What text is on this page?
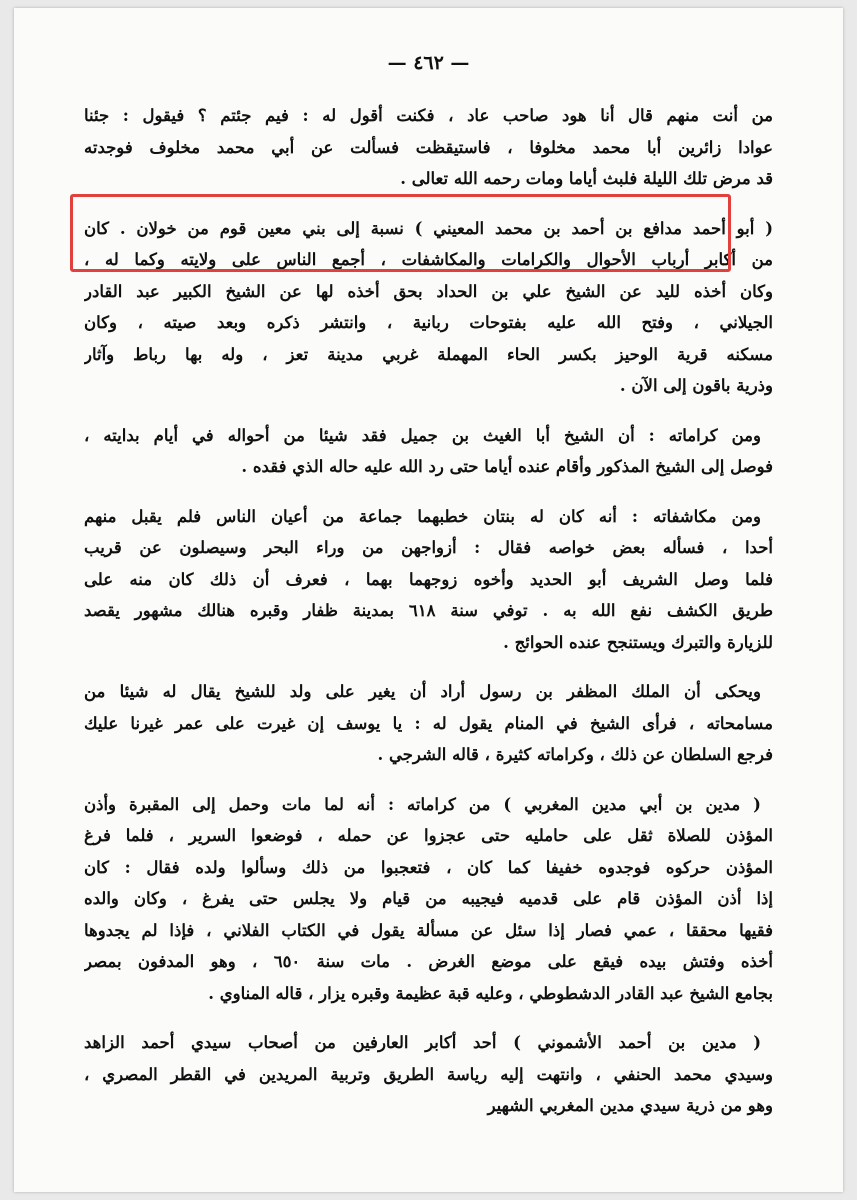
— ٤٦٢ —
من أنت منهم قال أنا هود صاحب عاد ، فكنت أقول له : فيم جئتم ؟ فيقول : جئنا
عوادا زائرين أبا محمد مخلوفا ، فاستيقظت فسألت عن أبي محمد مخلوف فوجدته
قد مرض تلك الليلة فلبث أياما ومات رحمه الله تعالى .
( أبو أحمد مدافع بن أحمد بن محمد المعيني ) نسبة إلى بني معين قوم من خولان . كان
من أكابر أرباب الأحوال والكرامات والمكاشفات ، أجمع الناس على ولايته وكما له ،
وكان أخذه لليد عن الشيخ علي بن الحداد بحق أخذه لها عن الشيخ الكبير عبد القادر
الجيلاني ، وفتح الله عليه بفتوحات ربانية ، وانتشر ذكره وبعد صيته ، وكان
مسكنه قرية الوحيز بكسر الحاء المهملة غربي مدينة تعز ، وله بها رباط وآثار
وذرية باقون إلى الآن .
ومن كراماته : أن الشيخ أبا الغيث بن جميل فقد شيئا من أحواله في أيام بدايته ،
فوصل إلى الشيخ المذكور وأقام عنده أياما حتى رد الله عليه حاله الذي فقده .
ومن مكاشفاته : أنه كان له بنتان خطبهما جماعة من أعيان الناس فلم يقبل منهم
أحدا ، فسأله بعض خواصه فقال : أزواجهن من وراء البحر وسيصلون عن قريب
فلما وصل الشريف أبو الحديد وأخوه زوجهما بهما ، فعرف أن ذلك كان منه على
طريق الكشف نفع الله به . توفي سنة ٦١٨ بمدينة ظفار وقبره هنالك مشهور يقصد
للزيارة والتبرك ويستنجح عنده الحوائج .
ويحكى أن الملك المظفر بن رسول أراد أن يغير على ولد للشيخ يقال له شيئا من
مسامحاته ، فرأى الشيخ في المنام يقول له : يا يوسف إن غيرت على عمر غيرنا عليك
فرجع السلطان عن ذلك ، وكراماته كثيرة ، قاله الشرجي .
( مدين بن أبي مدين المغربي ) من كراماته : أنه لما مات وحمل إلى المقبرة وأذن
المؤذن للصلاة ثقل على حامليه حتى عجزوا عن حمله ، فوضعوا السرير ، فلما فرغ
المؤذن حركوه فوجدوه خفيفا كما كان ، فتعجبوا من ذلك وسألوا ولده فقال : كان
إذا أذن المؤذن قام على قدميه فيجيبه من قيام ولا يجلس حتى يفرغ ، وكان والده
فقيها محققا ، عمي فصار إذا سئل عن مسألة يقول في الكتاب الفلاني ، فإذا لم يجدوها
أخذه وفتش بيده فيقع على موضع الغرض . مات سنة ٦٥٠ ، وهو المدفون بمصر
بجامع الشيخ عبد القادر الدشطوطي ، وعليه قبة عظيمة وقبره يزار ، قاله المناوي .
( مدين بن أحمد الأشموني ) أحد أكابر العارفين من أصحاب سيدي أحمد الزاهد
وسيدي محمد الحنفي ، وانتهت إليه رياسة الطريق وتربية المريدين في القطر المصري ،
وهو من ذرية سيدي مدين المغربي الشهير
